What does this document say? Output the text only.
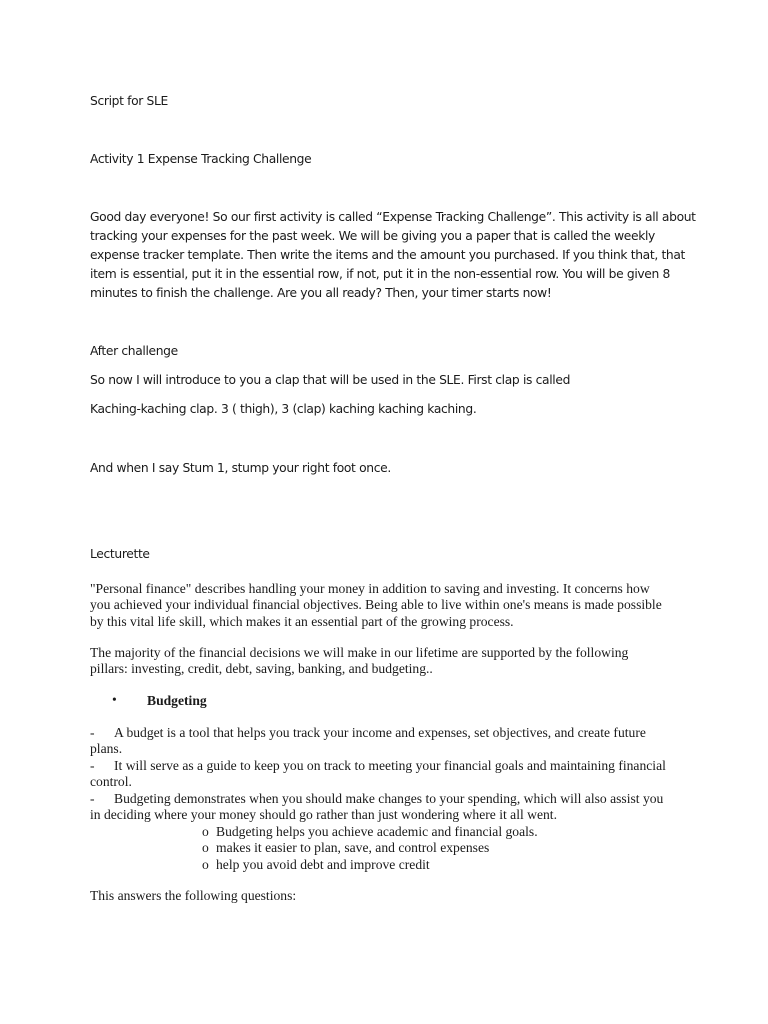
Script for SLE

Activity 1 Expense Tracking Challenge

Good day everyone! So our first activity is called “Expense Tracking Challenge”. This activity is all about
tracking your expenses for the past week. We will be giving you a paper that is called the weekly
expense tracker template. Then write the items and the amount you purchased. If you think that, that
item is essential, put it in the essential row, if not, put it in the non-essential row. You will be given 8
minutes to finish the challenge. Are you all ready? Then, your timer starts now!

After challenge

So now I will introduce to you a clap that will be used in the SLE. First clap is called

Kaching-kaching clap. 3 ( thigh), 3 (clap) kaching kaching kaching.

And when I say Stum 1, stump your right foot once.

Lecturette

"Personal finance" describes handling your money in addition to saving and investing. It concerns how
you achieved your individual financial objectives. Being able to live within one's means is made possible
by this vital life skill, which makes it an essential part of the growing process.
The majority of the financial decisions we will make in our lifetime are supported by the following
pillars: investing, credit, debt, saving, banking, and budgeting..
• Budgeting
- A budget is a tool that helps you track your income and expenses, set objectives, and create future
plans.
- It will serve as a guide to keep you on track to meeting your financial goals and maintaining financial
control.
- Budgeting demonstrates when you should make changes to your spending, which will also assist you
in deciding where your money should go rather than just wondering where it all went.
o Budgeting helps you achieve academic and financial goals.
o makes it easier to plan, save, and control expenses
o help you avoid debt and improve credit

This answers the following questions:
